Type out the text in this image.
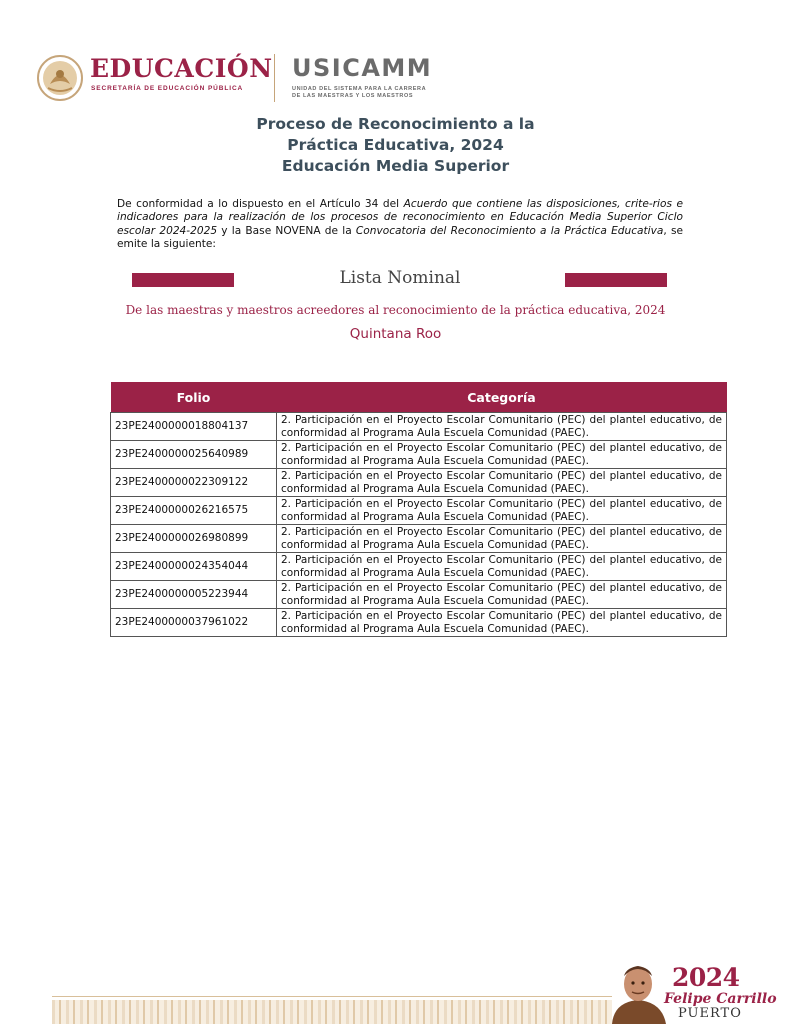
EDUCACIÓN
SECRETARÍA DE EDUCACIÓN PÚBLICA
USICAMM
UNIDAD DEL SISTEMA PARA LA CARRERA
DE LAS MAESTRAS Y LOS MAESTROS
Proceso de Reconocimiento a la
Práctica Educativa, 2024
Educación Media Superior

De conformidad a lo dispuesto en el Artículo 34 del Acuerdo que contiene las disposiciones, crite-rios e indicadores para la realización de los procesos de reconocimiento en Educación Media Superior Ciclo escolar 2024-2025 y la Base NOVENA de la Convocatoria del Reconocimiento a la Práctica Educativa, se emite la siguiente:

Lista Nominal
De las maestras y maestros acreedores al reconocimiento de la práctica educativa, 2024
Quintana Roo
Folio	Categoría
23PE2400000018804137	2. Participación en el Proyecto Escolar Comunitario (PEC) del plantel educativo, de conformidad al Programa Aula Escuela Comunidad (PAEC).
23PE2400000025640989	2. Participación en el Proyecto Escolar Comunitario (PEC) del plantel educativo, de conformidad al Programa Aula Escuela Comunidad (PAEC).
23PE2400000022309122	2. Participación en el Proyecto Escolar Comunitario (PEC) del plantel educativo, de conformidad al Programa Aula Escuela Comunidad (PAEC).
23PE2400000026216575	2. Participación en el Proyecto Escolar Comunitario (PEC) del plantel educativo, de conformidad al Programa Aula Escuela Comunidad (PAEC).
23PE2400000026980899	2. Participación en el Proyecto Escolar Comunitario (PEC) del plantel educativo, de conformidad al Programa Aula Escuela Comunidad (PAEC).
23PE2400000024354044	2. Participación en el Proyecto Escolar Comunitario (PEC) del plantel educativo, de conformidad al Programa Aula Escuela Comunidad (PAEC).
23PE2400000005223944	2. Participación en el Proyecto Escolar Comunitario (PEC) del plantel educativo, de conformidad al Programa Aula Escuela Comunidad (PAEC).
23PE2400000037961022	2. Participación en el Proyecto Escolar Comunitario (PEC) del plantel educativo, de conformidad al Programa Aula Escuela Comunidad (PAEC).
2024
Felipe Carrillo
PUERTO
